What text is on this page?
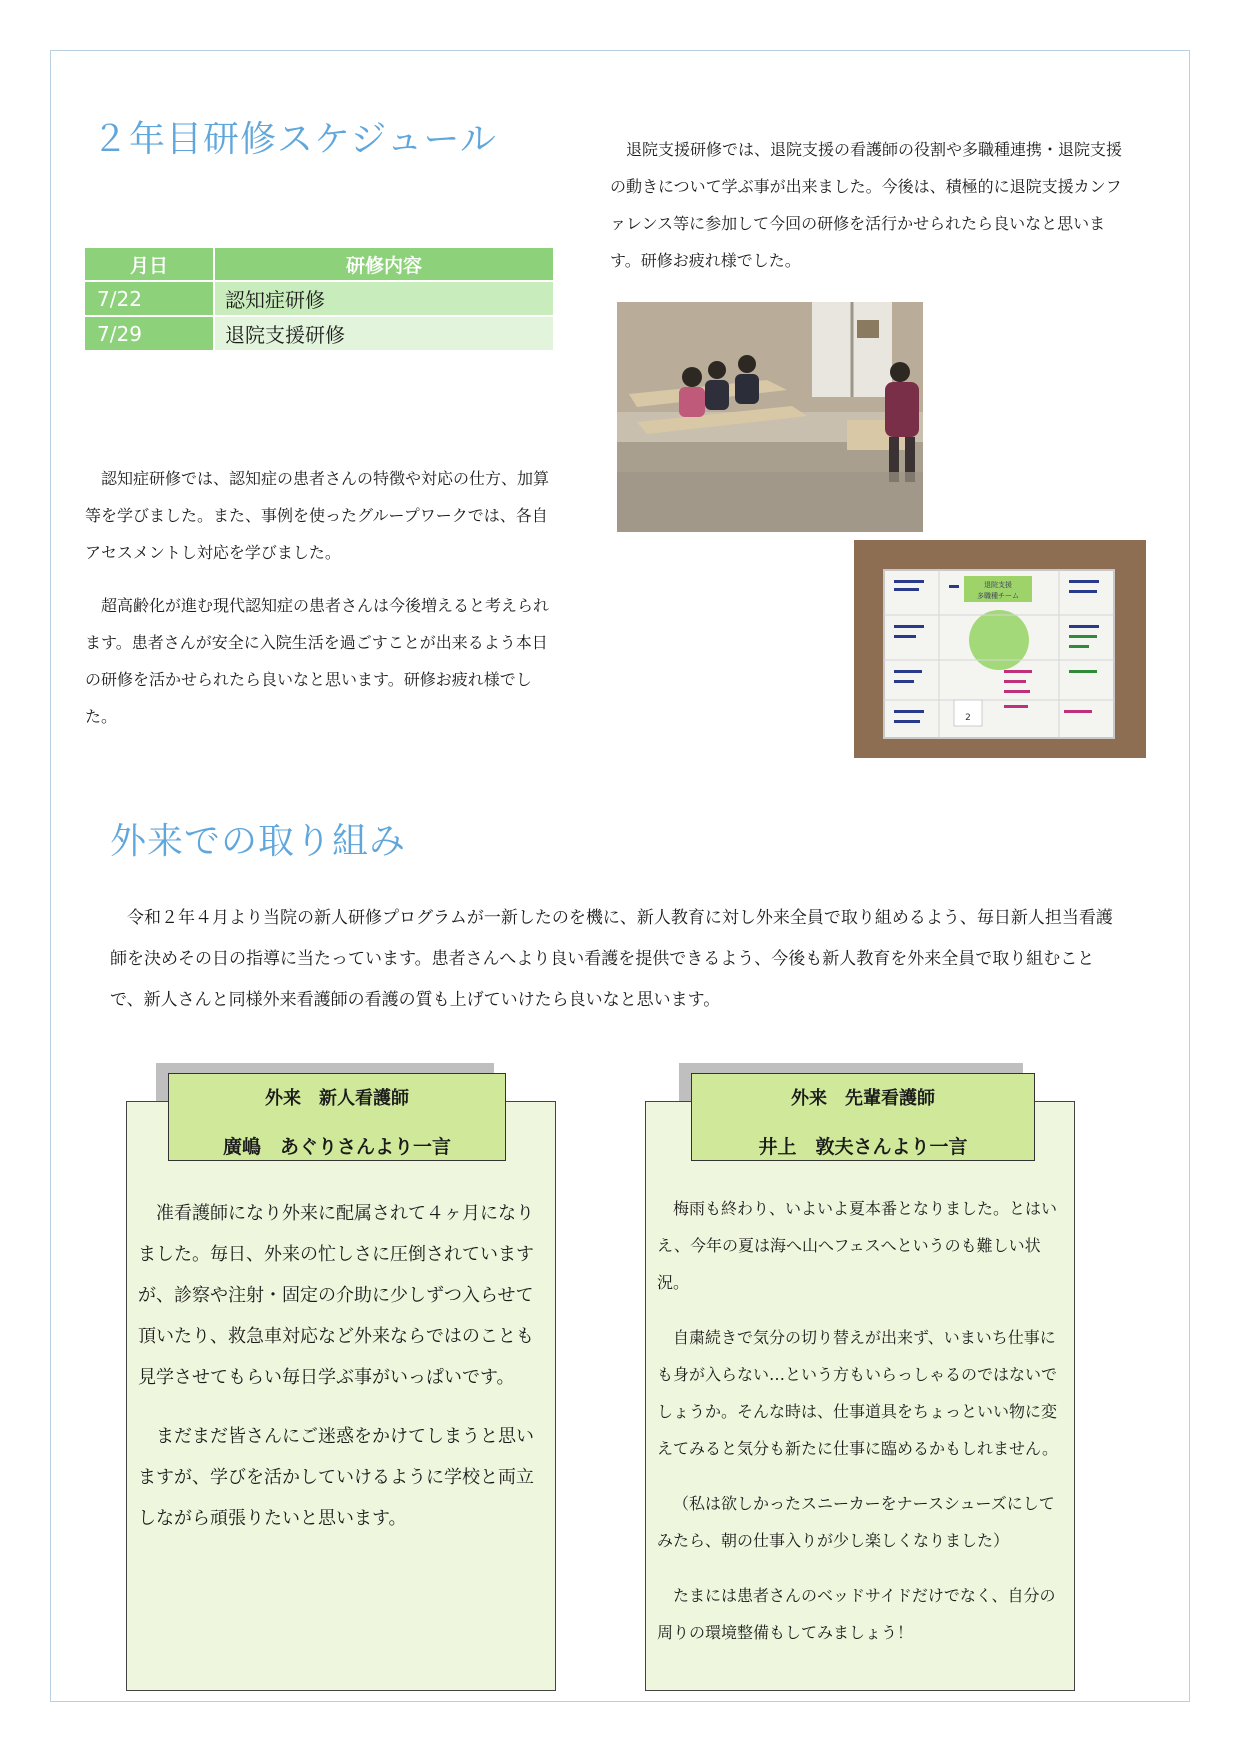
２年目研修スケジュール
月日	研修内容
7/22	認知症研修
7/29	退院支援研修

退院支援研修では、退院支援の看護師の役割や多職種連携・退院支援の動きについて学ぶ事が出来ました。今後は、積極的に退院支援カンファレンス等に参加して今回の研修を活行かせられたら良いなと思います。研修お疲れ様でした。

認知症研修では、認知症の患者さんの特徴や対応の仕方、加算等を学びました。また、事例を使ったグループワークでは、各自アセスメントし対応を学びました。

超高齢化が進む現代認知症の患者さんは今後増えると考えられます。患者さんが安全に入院生活を過ごすことが出来るよう本日の研修を活かせられたら良いなと思います。研修お疲れ様でした。

退院支援
多職種チーム
2
外来での取り組み

令和２年４月より当院の新人研修プログラムが一新したのを機に、新人教育に対し外来全員で取り組めるよう、毎日新人担当看護師を決めその日の指導に当たっています。患者さんへより良い看護を提供できるよう、今後も新人教育を外来全員で取り組むことで、新人さんと同様外来看護師の看護の質も上げていけたら良いなと思います。

外来　新人看護師
廣嶋　あぐりさんより一言

准看護師になり外来に配属されて４ヶ月になりました。毎日、外来の忙しさに圧倒されていますが、診察や注射・固定の介助に少しずつ入らせて頂いたり、救急車対応など外来ならではのことも見学させてもらい毎日学ぶ事がいっぱいです。

まだまだ皆さんにご迷惑をかけてしまうと思いますが、学びを活かしていけるように学校と両立しながら頑張りたいと思います。

外来　先輩看護師
井上　敦夫さんより一言

梅雨も終わり、いよいよ夏本番となりました。とはいえ、今年の夏は海へ山へフェスへというのも難しい状況。

自粛続きで気分の切り替えが出来ず、いまいち仕事にも身が入らない…という方もいらっしゃるのではないでしょうか。そんな時は、仕事道具をちょっといい物に変えてみると気分も新たに仕事に臨めるかもしれません。

（私は欲しかったスニーカーをナースシューズにしてみたら、朝の仕事入りが少し楽しくなりました）

たまには患者さんのベッドサイドだけでなく、自分の周りの環境整備もしてみましょう！
